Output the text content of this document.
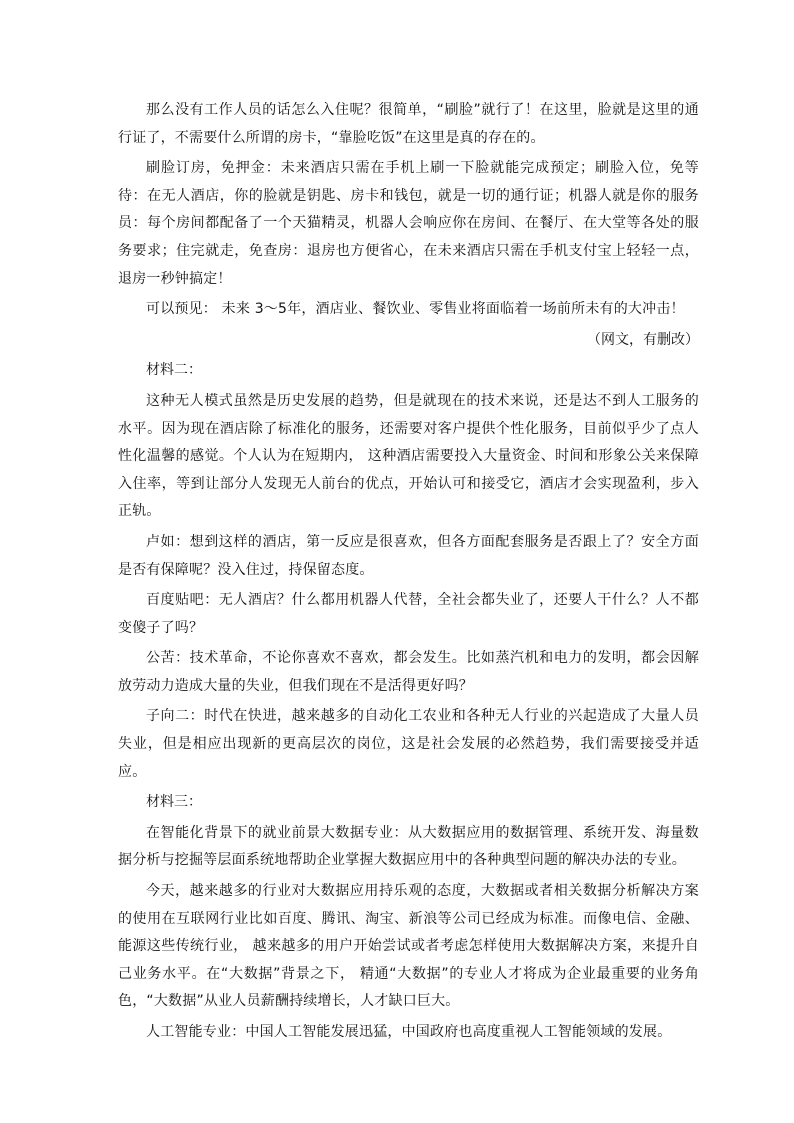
那么没有工作人员的话怎么入住呢？很简单，“刷脸”就行了！在这里，脸就是这里的通行证了，不需要什么所谓的房卡，“靠脸吃饭”在这里是真的存在的。

刷脸订房，免押金：未来酒店只需在手机上刷一下脸就能完成预定；刷脸入位，免等待：在无人酒店，你的脸就是钥匙、房卡和钱包，就是一切的通行证；机器人就是你的服务员：每个房间都配备了一个天猫精灵，机器人会响应你在房间、在餐厅、在大堂等各处的服务要求；住完就走，免查房：退房也方便省心，在未来酒店只需在手机支付宝上轻轻一点，退房一秒钟搞定！

可以预见： 未来 3～5年，酒店业、餐饮业、零售业将面临着一场前所未有的大冲击！

（网文，有删改）

材料二：

这种无人模式虽然是历史发展的趋势，但是就现在的技术来说，还是达不到人工服务的水平。因为现在酒店除了标准化的服务，还需要对客户提供个性化服务，目前似乎少了点人性化温馨的感觉。个人认为在短期内， 这种酒店需要投入大量资金、时间和形象公关来保障入住率，等到让部分人发现无人前台的优点，开始认可和接受它，酒店才会实现盈利，步入正轨。

卢如：想到这样的酒店，第一反应是很喜欢，但各方面配套服务是否跟上了？安全方面是否有保障呢？没入住过，持保留态度。

百度贴吧：无人酒店？什么都用机器人代替，全社会都失业了，还要人干什么？人不都变傻子了吗？

公苦：技术革命，不论你喜欢不喜欢，都会发生。比如蒸汽机和电力的发明，都会因解放劳动力造成大量的失业，但我们现在不是活得更好吗？

子向二：时代在快进，越来越多的自动化工农业和各种无人行业的兴起造成了大量人员失业，但是相应出现新的更高层次的岗位，这是社会发展的必然趋势，我们需要接受并适应。

材料三：

在智能化背景下的就业前景大数据专业：从大数据应用的数据管理、系统开发、海量数据分析与挖掘等层面系统地帮助企业掌握大数据应用中的各种典型问题的解决办法的专业。

今天，越来越多的行业对大数据应用持乐观的态度，大数据或者相关数据分析解决方案的使用在互联网行业比如百度、腾讯、淘宝、新浪等公司已经成为标准。而像电信、金融、能源这些传统行业， 越来越多的用户开始尝试或者考虑怎样使用大数据解决方案，来提升自己业务水平。在“大数据”背景之下， 精通“大数据”的专业人才将成为企业最重要的业务角色，“大数据”从业人员薪酬持续增长，人才缺口巨大。

人工智能专业：中国人工智能发展迅猛，中国政府也高度重视人工智能领域的发展。
